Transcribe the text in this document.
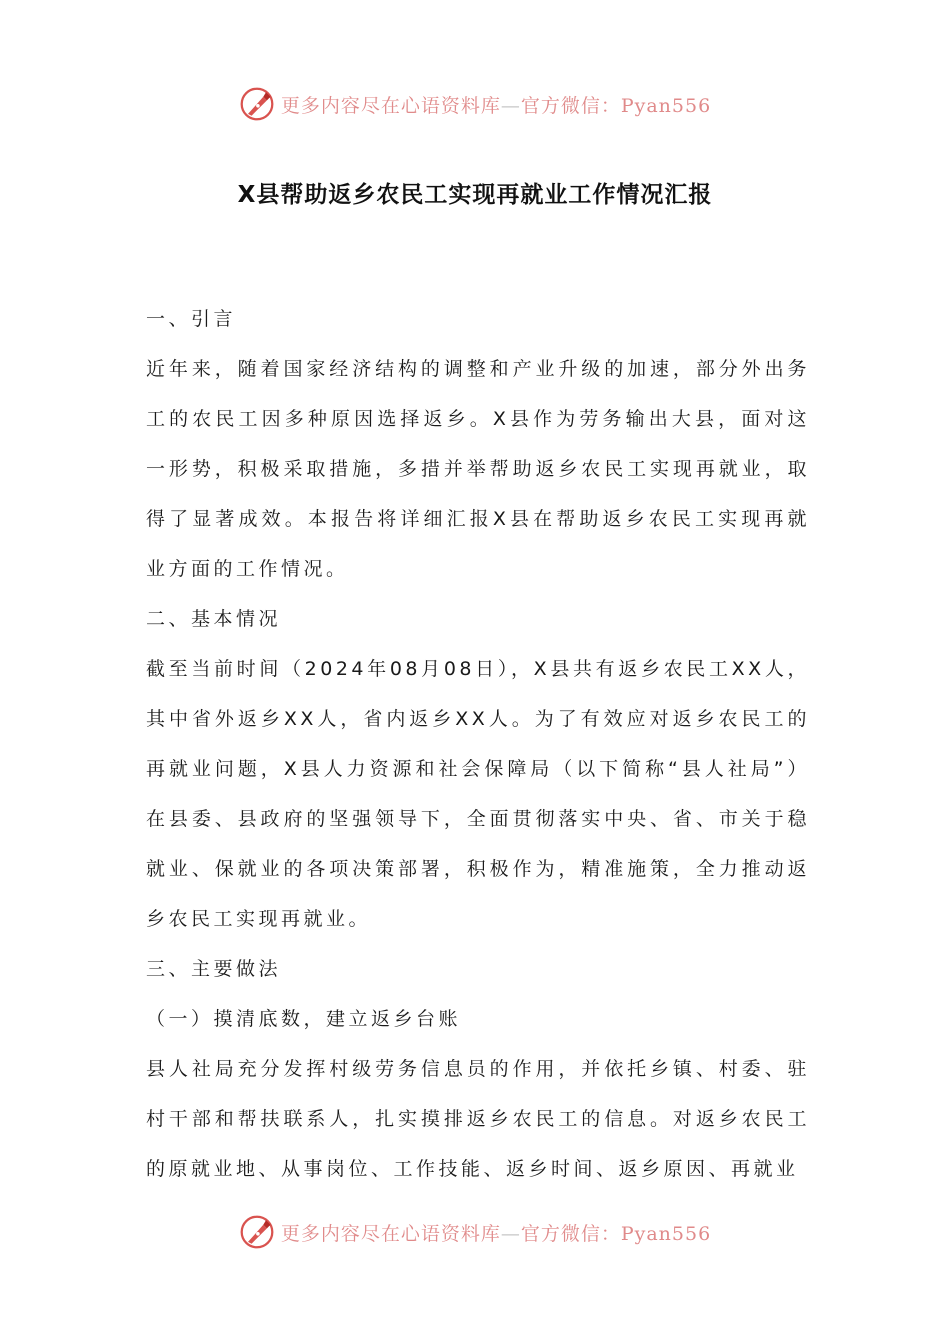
更多内容尽在心语资料库—官方微信：Pyan556
X县帮助返乡农民工实现再就业工作情况汇报

一、引言

近年来，随着国家经济结构的调整和产业升级的加速，部分外出务工的农民工因多种原因选择返乡。X县作为劳务输出大县，面对这一形势，积极采取措施，多措并举帮助返乡农民工实现再就业，取得了显著成效。本报告将详细汇报X县在帮助返乡农民工实现再就业方面的工作情况。

二、基本情况

截至当前时间（2024年08月08日），X县共有返乡农民工XX人，其中省外返乡XX人，省内返乡XX人。为了有效应对返乡农民工的再就业问题，X县人力资源和社会保障局（以下简称“县人社局”）在县委、县政府的坚强领导下，全面贯彻落实中央、省、市关于稳就业、保就业的各项决策部署，积极作为，精准施策，全力推动返乡农民工实现再就业。

三、主要做法

（一）摸清底数，建立返乡台账

县人社局充分发挥村级劳务信息员的作用，并依托乡镇、村委、驻村干部和帮扶联系人，扎实摸排返乡农民工的信息。对返乡农民工的原就业地、从事岗位、工作技能、返乡时间、返乡原因、再就业

更多内容尽在心语资料库—官方微信：Pyan556
